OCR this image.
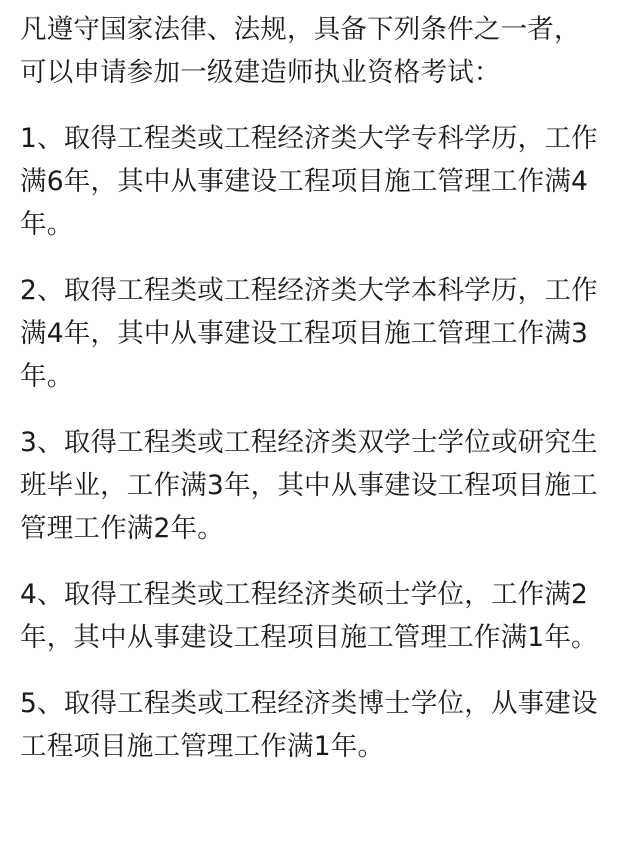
凡遵守国家法律、法规，具备下列条件之一者，
可以申请参加一级建造师执业资格考试：

1、取得工程类或工程经济类大学专科学历，工作
满6年，其中从事建设工程项目施工管理工作满4
年。

2、取得工程类或工程经济类大学本科学历，工作
满4年，其中从事建设工程项目施工管理工作满3
年。

3、取得工程类或工程经济类双学士学位或研究生
班毕业，工作满3年，其中从事建设工程项目施工
管理工作满2年。

4、取得工程类或工程经济类硕士学位，工作满2
年，其中从事建设工程项目施工管理工作满1年。

5、取得工程类或工程经济类博士学位，从事建设
工程项目施工管理工作满1年。
